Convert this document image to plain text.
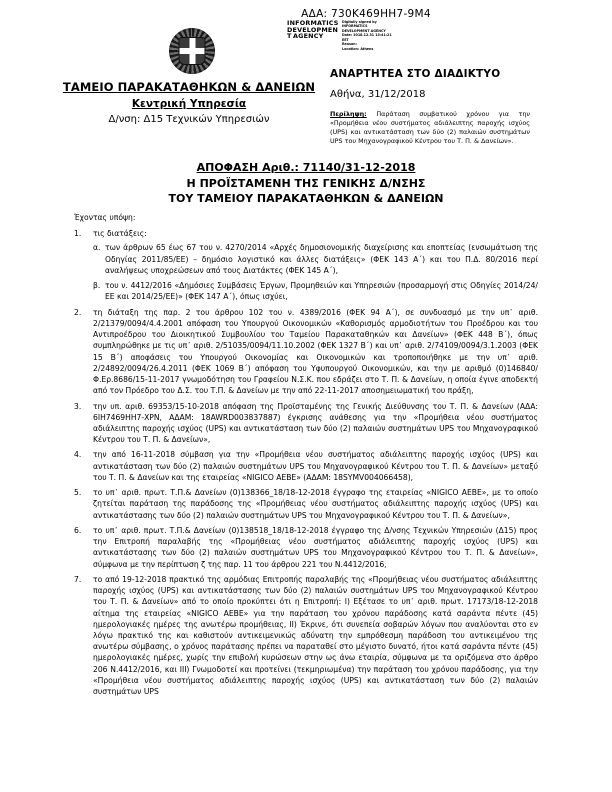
ΑΔΑ: 730Κ469ΗΗ7-9Μ4
INFORMATICS
DEVELOPMEN
T AGENCY
Digitally signed by
INFORMATICS
DEVELOPMENT AGENCY
Date: 2018.12.31 13:41:21
EET
Reason:
Location: Athens
ΤΑΜΕΙΟ ΠΑΡΑΚΑΤΑΘΗΚΩΝ & ΔΑΝΕΙΩΝ
Κεντρική Υπηρεσία
Δ/νση: Δ15 Τεχνικών Υπηρεσιών
ΑΝΑΡΤΗΤΕΑ ΣΤΟ ΔΙΑΔΙΚΤΥΟ
Αθήνα, 31/12/2018
Περίληψη: Παράταση συμβατικού χρόνου για την «Προμήθεια νέου συστήματος αδιάλειπτης παροχής ισχύος (UPS) και αντικατάσταση των δύο (2) παλαιών συστημάτων UPS του Μηχανογραφικού Κέντρου του Τ. Π. & Δανείων».
ΑΠΟΦΑΣΗ Αριθ.: 71140/31-12-2018
Η ΠΡΟΪΣΤΑΜΕΝΗ ΤΗΣ ΓΕΝΙΚΗΣ Δ/ΝΣΗΣ
ΤΟΥ ΤΑΜΕΙΟΥ ΠΑΡΑΚΑΤΑΘΗΚΩΝ & ΔΑΝΕΙΩΝ
Έχοντας υπόψη:
1.	τις διατάξεις:
α. των άρθρων 65 έως 67 του ν. 4270/2014 «Αρχές δημοσιονομικής διαχείρισης και εποπτείας (ενσωμάτωση της Οδηγίας 2011/85/ΕΕ) – δημόσιο λογιστικό και άλλες διατάξεις» (ΦΕΚ 143 Α΄) και του Π.Δ. 80/2016 περί αναλήψεως υποχρεώσεων από τους Διατάκτες (ΦΕΚ 145 Α΄),
β. του ν. 4412/2016 «Δημόσιες Συμβάσεις Έργων, Προμηθειών και Υπηρεσιών (προσαρμογή στις Οδηγίες 2014/24/ΕΕ και 2014/25/ΕΕ)» (ΦΕΚ 147 Α΄), όπως ισχύει,
2.	τη διάταξη της παρ. 2 του άρθρου 102 του ν. 4389/2016 (ΦΕΚ 94 Α΄), σε συνδυασμό με την υπ᾽ αριθ. 2/21379/0094/4.4.2001 απόφαση του Υπουργού Οικονομικών «Καθορισμός αρμοδιοτήτων του Προέδρου και του Αντιπροέδρου του Διοικητικού Συμβουλίου του Ταμείου Παρακαταθηκών και Δανείων» (ΦΕΚ 448 Β΄), όπως συμπληρώθηκε με τις υπ᾽ αριθ. 2/51035/0094/11.10.2002 (ΦΕΚ 1327 Β΄) και υπ᾽ αριθ. 2/74109/0094/3.1.2003 (ΦΕΚ 15 Β΄) αποφάσεις του Υπουργού Οικονομίας και Οικονομικών και τροποποιήθηκε με την υπ᾽ αριθ. 2/24892/0094/26.4.2011 (ΦΕΚ 1069 Β΄) απόφαση του Υφυπουργού Οικονομικών, και την με αριθμό (0)146840/Φ.Ερ.8686/15-11-2017 γνωμοδότηση του Γραφείου Ν.Σ.Κ. που εδράζει στο Τ. Π. & Δανείων, η οποία έγινε αποδεκτή από τον Πρόεδρο του Δ.Σ. του Τ.Π. & Δανείων με την από 22-11-2017 αποσημειωματική του πράξη,
3.	την υπ. αριθ. 69353/15-10-2018 απόφαση της Προϊσταμένης της Γενικής Διεύθυνσης του Τ. Π. & Δανείων (ΑΔΑ: 6ΙΗ7469ΗΗ7-ΧΡΝ, ΑΔΑΜ: 18AWRD003837887) έγκρισης ανάθεσης για την «Προμήθεια νέου συστήματος αδιάλειπτης παροχής ισχύος (UPS) και αντικατάσταση των δύο (2) παλαιών συστημάτων UPS του Μηχανογραφικού Κέντρου του Τ. Π. & Δανείων»,
4.	την από 16-11-2018 σύμβαση για την «Προμήθεια νέου συστήματος αδιάλειπτης παροχής ισχύος (UPS) και αντικατάσταση των δύο (2) παλαιών συστημάτων UPS του Μηχανογραφικού Κέντρου του Τ. Π. & Δανείων» μεταξύ του Τ. Π. & Δανείων και της εταιρείας «NIGICO ΑΕΒΕ» (ΑΔΑΜ: 18SYMV004066458),
5.	το υπ᾽ αριθ. πρωτ. Τ.Π.& Δανείων (0)138366_18/18-12-2018 έγγραφο της εταιρείας «NIGICO ΑΕΒΕ», με το οποίο ζητείται παράταση της παράδοσης της «Προμήθειας νέου συστήματος αδιάλειπτης παροχής ισχύος (UPS) και αντικατάστασης των δύο (2) παλαιών συστημάτων UPS του Μηχανογραφικού Κέντρου του Τ. Π. & Δανείων»,
6.	το υπ᾽ αριθ. πρωτ. Τ.Π.& Δανείων (0)138518_18/18-12-2018 έγγραφο της Δ/νσης Τεχνικών Υπηρεσιών (Δ15) προς την Επιτροπή παραλαβής της «Προμήθειας νέου συστήματος αδιάλειπτης παροχής ισχύος (UPS) και αντικατάστασης των δύο (2) παλαιών συστημάτων UPS του Μηχανογραφικού Κέντρου του Τ. Π. & Δανείων», σύμφωνα με την περίπτωση ζ της παρ. 11 του άρθρου 221 του Ν.4412/2016,
7.	το από 19-12-2018 πρακτικό της αρμόδιας Επιτροπής παραλαβής της «Προμήθειας νέου συστήματος αδιάλειπτης παροχής ισχύος (UPS) και αντικατάστασης των δύο (2) παλαιών συστημάτων UPS του Μηχανογραφικού Κέντρου του Τ. Π. & Δανείων» από το οποίο προκύπτει ότι η Επιτροπή: Ι) Εξέτασε το υπ᾽ αριθ. πρωτ. 17173/18-12-2018 αίτημα της εταιρείας «NIGICO ΑΕΒΕ» για την παράταση του χρόνου παράδοσης κατά σαράντα πέντε (45) ημερολογιακές ημέρες της ανωτέρω προμήθειας, ΙΙ) Έκρινε, ότι συνεπεία σοβαρών λόγων που αναλύονται στο εν λόγω πρακτικό της και καθιστούν αντικειμενικώς αδύνατη την εμπρόθεσμη παράδοση του αντικειμένου της ανωτέρω σύμβασης, ο χρόνος παράτασης πρέπει να παραταθεί στο μέγιστο δυνατό, ήτοι κατά σαράντα πέντε (45) ημερολογιακές ημέρες, χωρίς την επιβολή κυρώσεων στην ως άνω εταιρία, σύμφωνα με τα οριζόμενα στο άρθρο 206 Ν.4412/2016, και ΙΙΙ) Γνωμοδοτεί και προτείνει (τεκμηριωμένα) την παράταση του χρόνου παράδοσης, για την «Προμήθεια νέου συστήματος αδιάλειπτης παροχής ισχύος (UPS) και αντικατάσταση των δύο (2) παλαιών συστημάτων UPS
